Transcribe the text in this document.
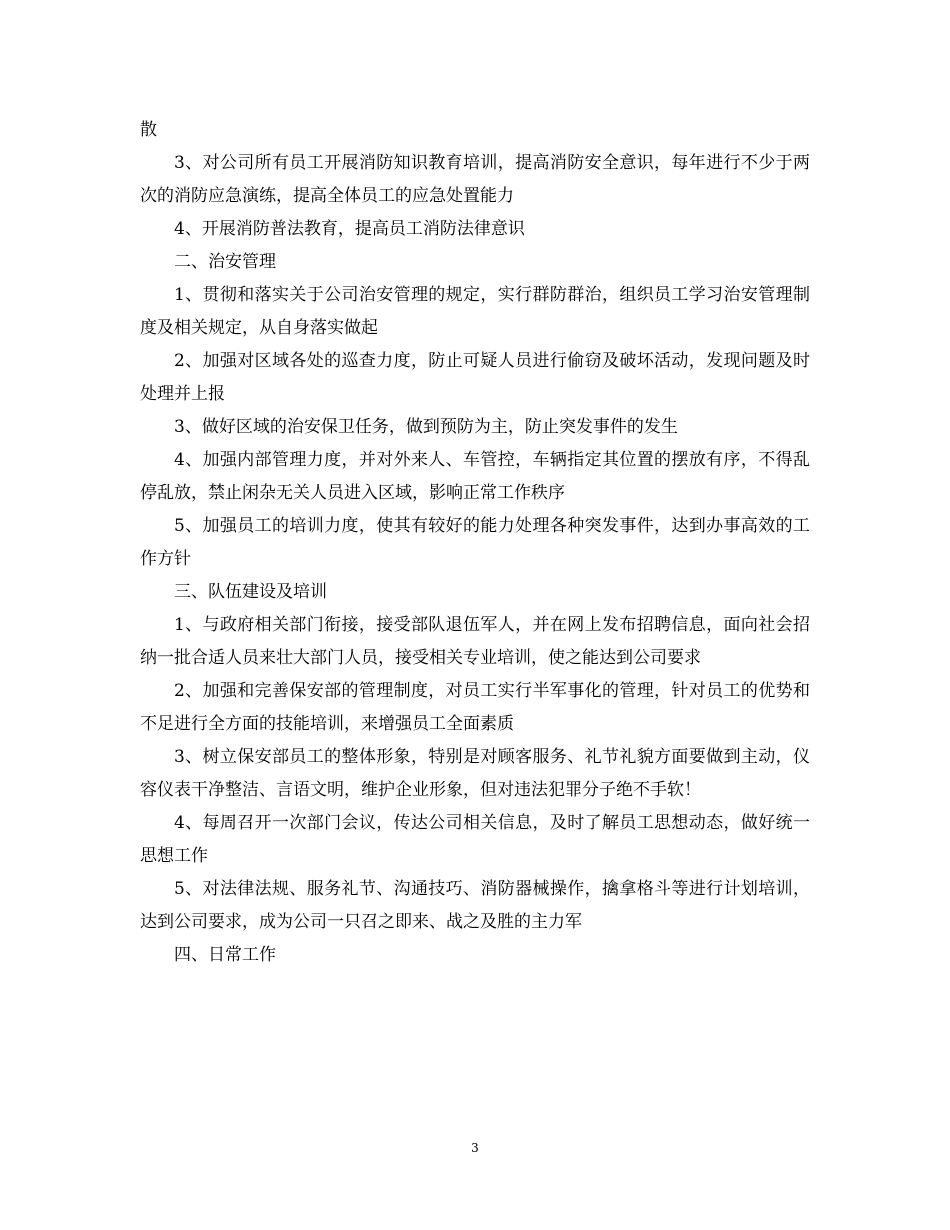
散

3、对公司所有员工开展消防知识教育培训，提高消防安全意识，每年进行不少于两次的消防应急演练，提高全体员工的应急处置能力

4、开展消防普法教育，提高员工消防法律意识

二、治安管理

1、贯彻和落实关于公司治安管理的规定，实行群防群治，组织员工学习治安管理制度及相关规定，从自身落实做起

2、加强对区域各处的巡查力度，防止可疑人员进行偷窃及破坏活动，发现问题及时处理并上报

3、做好区域的治安保卫任务，做到预防为主，防止突发事件的发生

4、加强内部管理力度，并对外来人、车管控，车辆指定其位置的摆放有序，不得乱停乱放，禁止闲杂无关人员进入区域，影响正常工作秩序

5、加强员工的培训力度，使其有较好的能力处理各种突发事件，达到办事高效的工作方针

三、队伍建设及培训

1、与政府相关部门衔接，接受部队退伍军人，并在网上发布招聘信息，面向社会招纳一批合适人员来壮大部门人员，接受相关专业培训，使之能达到公司要求

2、加强和完善保安部的管理制度，对员工实行半军事化的管理，针对员工的优势和不足进行全方面的技能培训，来增强员工全面素质

3、树立保安部员工的整体形象，特别是对顾客服务、礼节礼貌方面要做到主动，仪容仪表干净整洁、言语文明，维护企业形象，但对违法犯罪分子绝不手软！

4、每周召开一次部门会议，传达公司相关信息，及时了解员工思想动态，做好统一思想工作

5、对法律法规、服务礼节、沟通技巧、消防器械操作，擒拿格斗等进行计划培训，达到公司要求，成为公司一只召之即来、战之及胜的主力军

四、日常工作

3
